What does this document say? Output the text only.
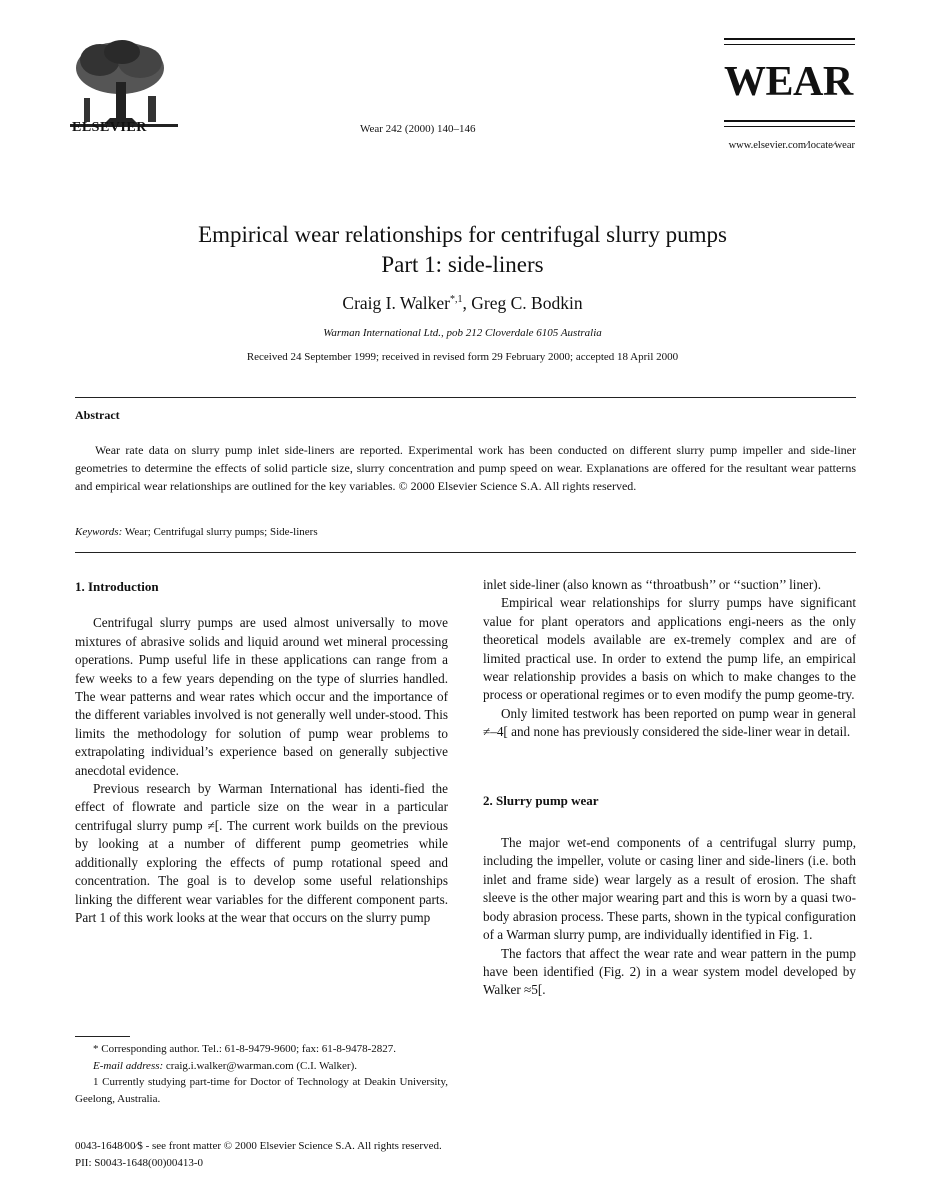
ELSEVIER	Wear 242 (2000) 140–146
WEAR
www.elsevier.com∕locate∕wear
Empirical wear relationships for centrifugal slurry pumps
Part 1: side-liners
Craig I. Walker$^{*,1}$, Greg C. Bodkin
Warman International Ltd., pob 212 Cloverdale 6105 Australia
Received 24 September 1999; received in revised form 29 February 2000; accepted 18 April 2000
Abstract
Wear rate data on slurry pump inlet side-liners are reported. Experimental work has been conducted on different slurry pump impeller and side-liner geometries to determine the effects of solid particle size, slurry concentration and pump speed on wear. Explanations are offered for the resultant wear patterns and empirical wear relationships are outlined for the key variables. © 2000 Elsevier Science S.A. All rights reserved.
Keywords: Wear; Centrifugal slurry pumps; Side-liners

1. Introduction

Centrifugal slurry pumps are used almost universally to move mixtures of abrasive solids and liquid around wet mineral processing operations. Pump useful life in these applications can range from a few weeks to a few years depending on the type of slurries handled. The wear patterns and wear rates which occur and the importance of the different variables involved is not generally well under-stood. This limits the methodology for solution of pump wear problems to extrapolating individual’s experience based on generally subjective anecdotal evidence.

Previous research by Warman International has identi-fied the effect of flowrate and particle size on the wear in a particular centrifugal slurry pump ≠[. The current work builds on the previous by looking at a number of different pump geometries while additionally exploring the effects of pump rotational speed and concentration. The goal is to develop some useful relationships linking the different wear variables for the different component parts. Part 1 of this work looks at the wear that occurs on the slurry pump

* Corresponding author. Tel.: 61-8-9479-9600; fax: 61-8-9478-2827.

E-mail address: craig.i.walker@warman.com (C.I. Walker).

1 Currently studying part-time for Doctor of Technology at Deakin University, Geelong, Australia.

inlet side-liner (also known as ‘‘throatbush’’ or ‘‘suction’’ liner).

Empirical wear relationships for slurry pumps have significant value for plant operators and applications engi-neers as the only theoretical models available are ex-tremely complex and are of limited practical use. In order to extend the pump life, an empirical wear relationship provides a basis on which to make changes to the process or operational regimes or to even modify the pump geome-try.

Only limited testwork has been reported on pump wear in general ≠–4[ and none has previously considered the side-liner wear in detail.

2. Slurry pump wear

The major wet-end components of a centrifugal slurry pump, including the impeller, volute or casing liner and side-liners (i.e. both inlet and frame side) wear largely as a result of erosion. The shaft sleeve is the other major wearing part and this is worn by a quasi two-body abrasion process. These parts, shown in the typical configuration of a Warman slurry pump, are individually identified in Fig. 1.

The factors that affect the wear rate and wear pattern in the pump have been identified (Fig. 2) in a wear system model developed by Walker ≈5[.

0043-1648∕00∕$ - see front matter © 2000 Elsevier Science S.A. All rights reserved.
PII: S0043-1648(00)00413-0
